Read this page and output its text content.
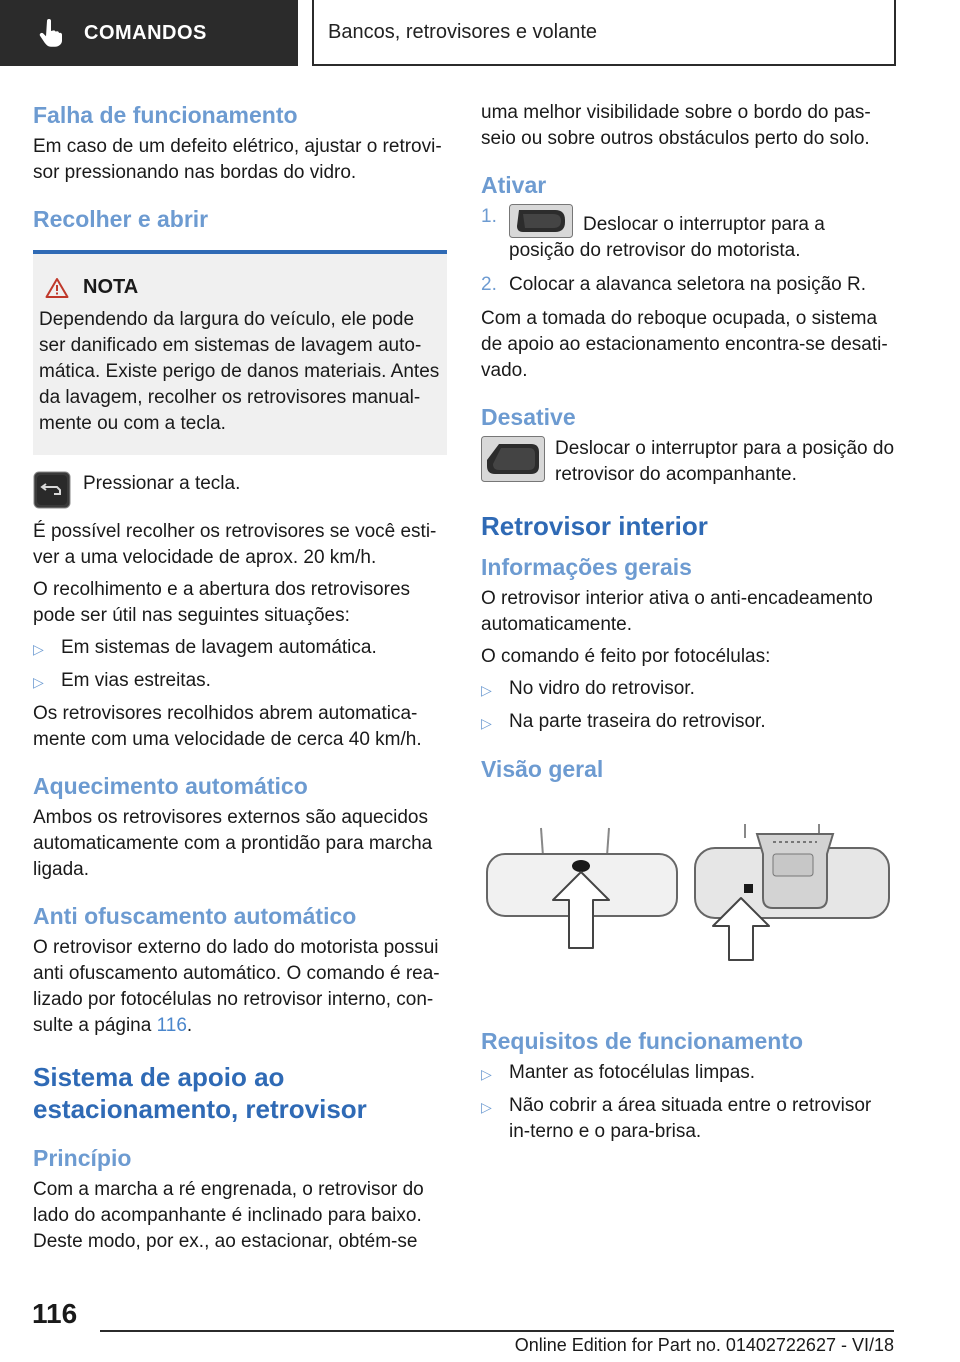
COMANDOS	Bancos, retrovisores e volante
Falha de funcionamento

Em caso de um defeito elétrico, ajustar o retrovi-sor pressionando nas bordas do vidro.

Recolher e abrir
NOTA

Dependendo da largura do veículo, ele pode ser danificado em sistemas de lavagem auto-mática. Existe perigo de danos materiais. Antes da lavagem, recolher os retrovisores manual-mente ou com a tecla.

Pressionar a tecla.

É possível recolher os retrovisores se você esti-ver a uma velocidade de aprox. 20 km/h.

O recolhimento e a abertura dos retrovisores pode ser útil nas seguintes situações:

▷ Em sistemas de lavagem automática.
▷ Em vias estreitas.

Os retrovisores recolhidos abrem automatica-mente com uma velocidade de cerca 40 km/h.

Aquecimento automático

Ambos os retrovisores externos são aquecidos automaticamente com a prontidão para marcha ligada.

Anti ofuscamento automático

O retrovisor externo do lado do motorista possui anti ofuscamento automático. O comando é rea-lizado por fotocélulas no retrovisor interno, con-sulte a página 116.

Sistema de apoio ao estacionamento, retrovisor
Princípio

Com a marcha a ré engrenada, o retrovisor do lado do acompanhante é inclinado para baixo. Deste modo, por ex., ao estacionar, obtém-se

uma melhor visibilidade sobre o bordo do pas-seio ou sobre outros obstáculos perto do solo.

Ativar
1.	Deslocar o interruptor para a posição do retrovisor do motorista.
2. Colocar a alavanca seletora na posição R.

Com a tomada do reboque ocupada, o sistema de apoio ao estacionamento encontra-se desati-vado.

Desative
Deslocar o interruptor para a posição do retrovisor do acompanhante.
Retrovisor interior
Informações gerais

O retrovisor interior ativa o anti-encadeamento automaticamente.

O comando é feito por fotocélulas:

▷ No vidro do retrovisor.
▷ Na parte traseira do retrovisor.
Visão geral
Requisitos de funcionamento
▷ Manter as fotocélulas limpas.
▷ Não cobrir a área situada entre o retrovisor in-terno e o para-brisa.
116
Online Edition for Part no. 01402722627 - VI/18
